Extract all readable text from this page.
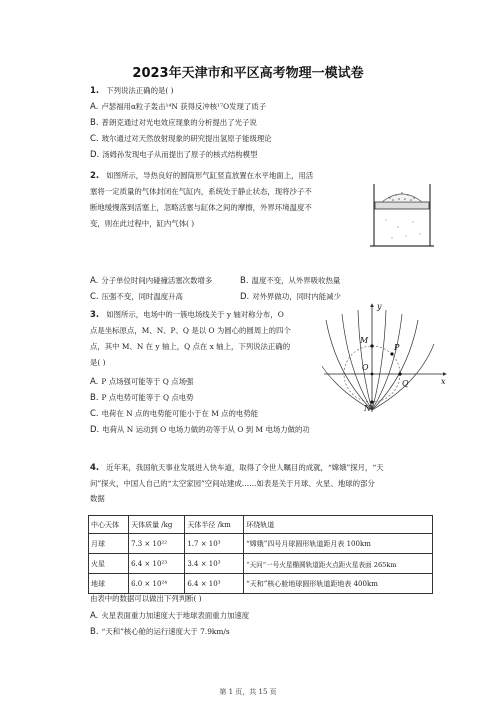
2023年天津市和平区高考物理一模试卷
1. 下列说法正确的是( )
A. 卢瑟福用α粒子轰击¹⁴N 获得反冲核¹⁷O发现了质子
B. 普朗克通过对光电效应现象的分析提出了光子说
C. 玻尔通过对天然放射现象的研究提出氢原子能级理论
D. 汤姆孙发现电子从而提出了原子的核式结构模型
2. 如图所示，导热良好的圆筒形气缸竖直放置在水平地面上，用活
塞将一定质量的气体封闭在气缸内，系统处于静止状态，现将沙子不
断地缓慢落到活塞上，忽略活塞与缸体之间的摩擦，外界环境温度不
变，则在此过程中，缸内气体( )
A. 分子单位时间内碰撞活塞次数增多	B. 温度不变，从外界吸收热量
C. 压强不变，同时温度升高	D. 对外界做功，同时内能减少
3. 如图所示，电场中的一簇电场线关于 y 轴对称分布，O
点是坐标原点，M、N、P、Q 是以 O 为圆心的圆周上的四个
点，其中 M、N 在 y 轴上，Q 点在 x 轴上，下列说法正确的
是( )
A. P 点场强可能等于 Q 点场强
B. P 点电势可能等于 Q 点电势
C. 电荷在 N 点的电势能可能小于在 M 点的电势能
D. 电荷从 N 运动到 O 电场力做的功等于从 O 到 M 电场力做的功
y
M
P
O
Q	x
N
4. 近年来，我国航天事业发展进入快车道，取得了令世人瞩目的成就，“嫦娥”探月，“天
问”探火，中国人自己的“太空家园”空间站建成……如表是关于月球、火星、地球的部分
数据
中心天体	天体质量 /kg	天体半径 /km	环绕轨道
月球	7.3 × 10²²	1.7 × 10³	“嫦娥”四号月球圆形轨道距月表 100km
火星	6.4 × 10²³	3.4 × 10³	“天问”一号火星椭圆轨道距火点距火星表面 265km
地球	6.0 × 10²⁴	6.4 × 10³	“天和”核心舱地球圆形轨道距地表 400km
由表中的数据可以做出下列判断( )
A. 火星表面重力加速度大于地球表面重力加速度
B. “天和”核心舱的运行速度大于 7.9km/s
第 1 页，共 15 页
